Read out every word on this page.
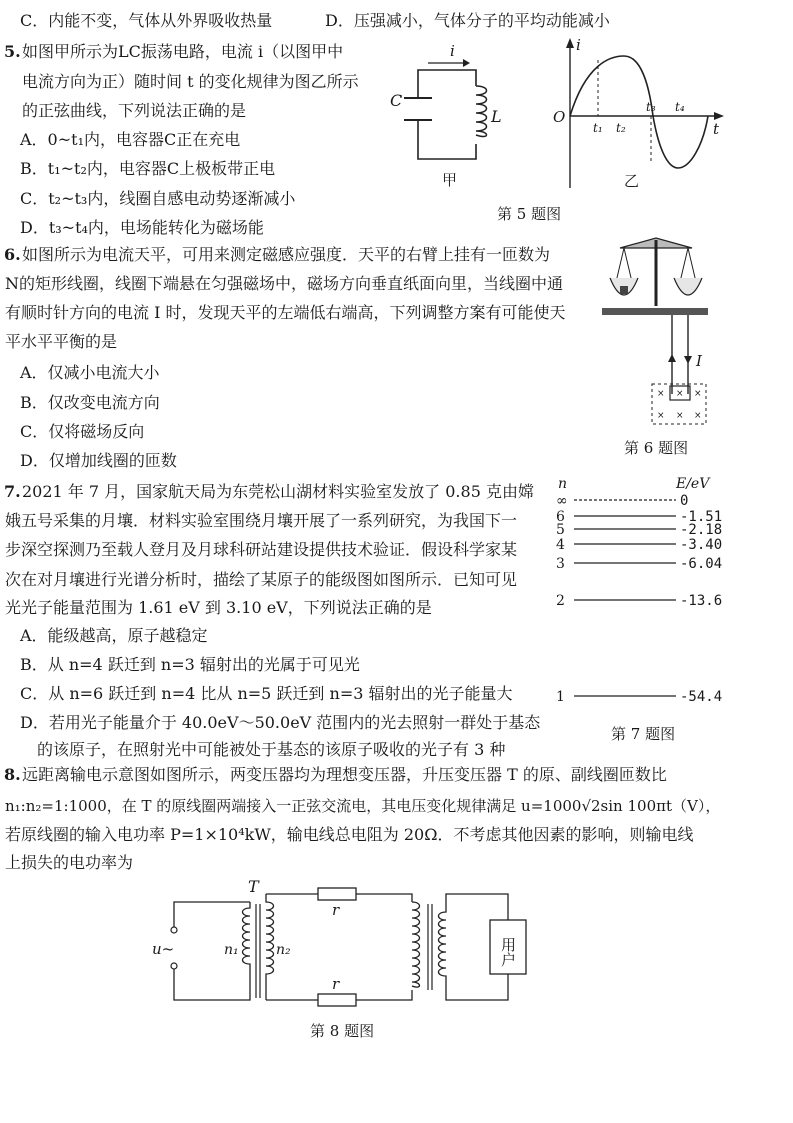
C．内能不变，气体从外界吸收热量	D．压强减小，气体分子的平均动能减小
5. 如图甲所示为LC振荡电路，电流 i（以图甲中
电流方向为正）随时间 t 的变化规律为图乙所示
的正弦曲线，下列说法正确的是
A．0~t₁内，电容器C正在充电
B．t₁~t₂内，电容器C上极板带正电
C．t₂~t₃内，线圈自感电动势逐渐减小
D．t₃~t₄内，电场能转化为磁场能
i
C
L
甲
i
O
t
t₁ t₂
t₃ t₄
乙
第 5 题图
6. 如图所示为电流天平，可用来测定磁感应强度．天平的右臂上挂有一匝数为
N的矩形线圈，线圈下端悬在匀强磁场中，磁场方向垂直纸面向里，当线圈中通
有顺时针方向的电流 I 时，发现天平的左端低右端高，下列调整方案有可能使天
平水平平衡的是
A．仅减小电流大小
B．仅改变电流方向
C．仅将磁场反向
D．仅增加线圈的匝数
I
× × ×
× × ×
第 6 题图
7. 2021 年 7 月，国家航天局为东莞松山湖材料实验室发放了 0.85 克由嫦
娥五号采集的月壤．材料实验室围绕月壤开展了一系列研究，为我国下一
步深空探测乃至载人登月及月球科研站建设提供技术验证．假设科学家某
次在对月壤进行光谱分析时，描绘了某原子的能级图如图所示．已知可见
光光子能量范围为 1.61 eV 到 3.10 eV，下列说法正确的是
A．能级越高，原子越稳定
B．从 n=4 跃迁到 n=3 辐射出的光属于可见光
C．从 n=6 跃迁到 n=4 比从 n=5 跃迁到 n=3 辐射出的光子能量大
D．若用光子能量介于 40.0eV～50.0eV 范围内的光去照射一群处于基态
的该原子，在照射光中可能被处于基态的该原子吸收的光子有 3 种
n	E/eV
∞	0
6	-1.51
5	-2.18
4	-3.40
3	-6.04
2	-13.6
1	-54.4
第 7 题图
8. 远距离输电示意图如图所示，两变压器均为理想变压器，升压变压器 T 的原、副线圈匝数比
n₁:n₂=1:1000，在 T 的原线圈两端接入一正弦交流电，其电压变化规律满足 u=1000√2sin 100πt（V），
若原线圈的输入电功率 P=1×10⁴kW，输电线总电阻为 20Ω．不考虑其他因素的影响，则输电线
上损失的电功率为
T
u~	n₁	n₂
r
r
用户
第 8 题图
